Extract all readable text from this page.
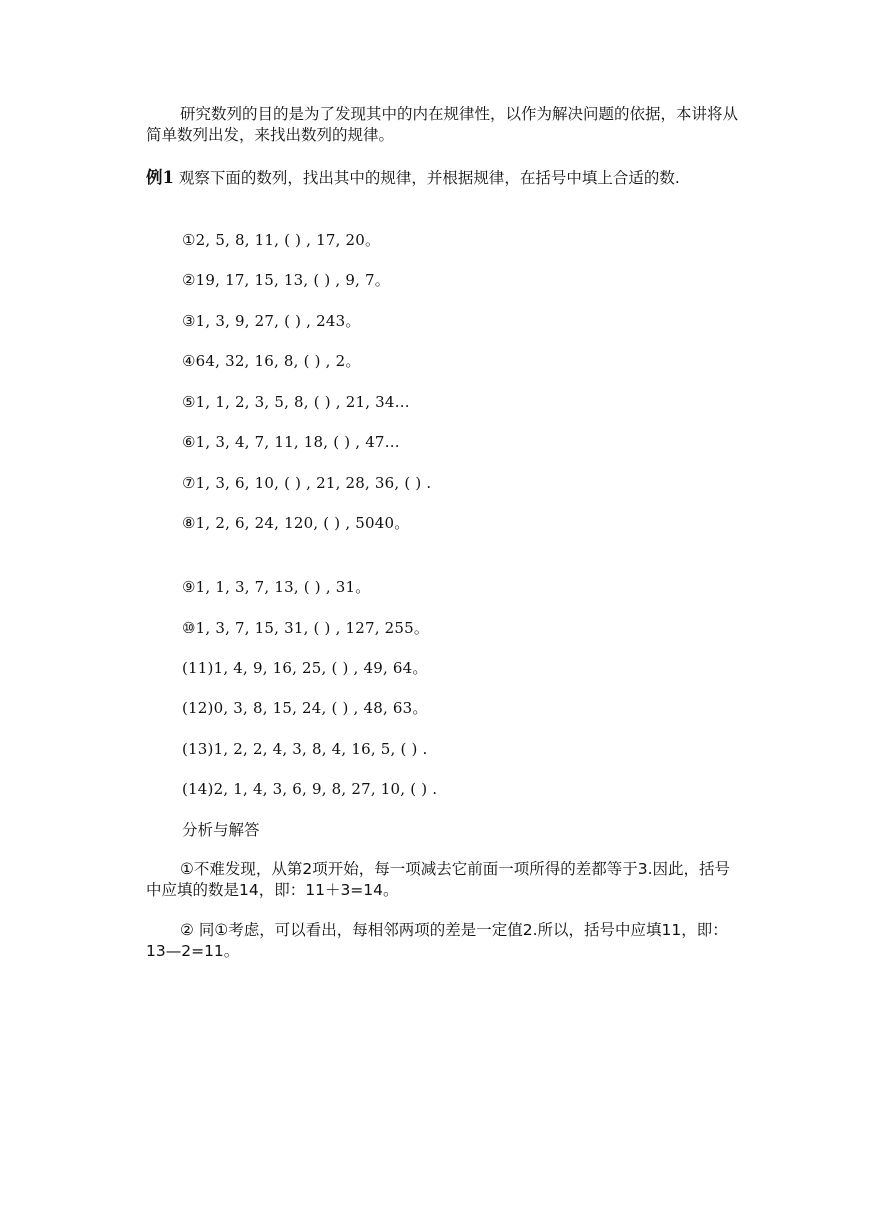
研究数列的目的是为了发现其中的内在规律性，以作为解决问题的依据，本讲将从简单数列出发，来找出数列的规律。
例1 观察下面的数列，找出其中的规律，并根据规律，在括号中填上合适的数.
①2, 5, 8, 11, ( ) , 17, 20。
②19, 17, 15, 13, ( ) , 9, 7。
③1, 3, 9, 27, ( ) , 243。
④64, 32, 16, 8, ( ) , 2。
⑤1, 1, 2, 3, 5, 8, ( ) , 21, 34…
⑥1, 3, 4, 7, 11, 18, ( ) , 47…
⑦1, 3, 6, 10, ( ) , 21, 28, 36, ( ) .
⑧1, 2, 6, 24, 120, ( ) , 5040。
⑨1, 1, 3, 7, 13, ( ) , 31。
⑩1, 3, 7, 15, 31, ( ) , 127, 255。
(11)1, 4, 9, 16, 25, ( ) , 49, 64。
(12)0, 3, 8, 15, 24, ( ) , 48, 63。
(13)1, 2, 2, 4, 3, 8, 4, 16, 5, ( ) .
(14)2, 1, 4, 3, 6, 9, 8, 27, 10, ( ) .
分析与解答
①不难发现，从第2项开始，每一项减去它前面一项所得的差都等于3.因此，括号中应填的数是14，即：11＋3=14。
② 同①考虑，可以看出，每相邻两项的差是一定值2.所以，括号中应填11，即：13—2=11。
